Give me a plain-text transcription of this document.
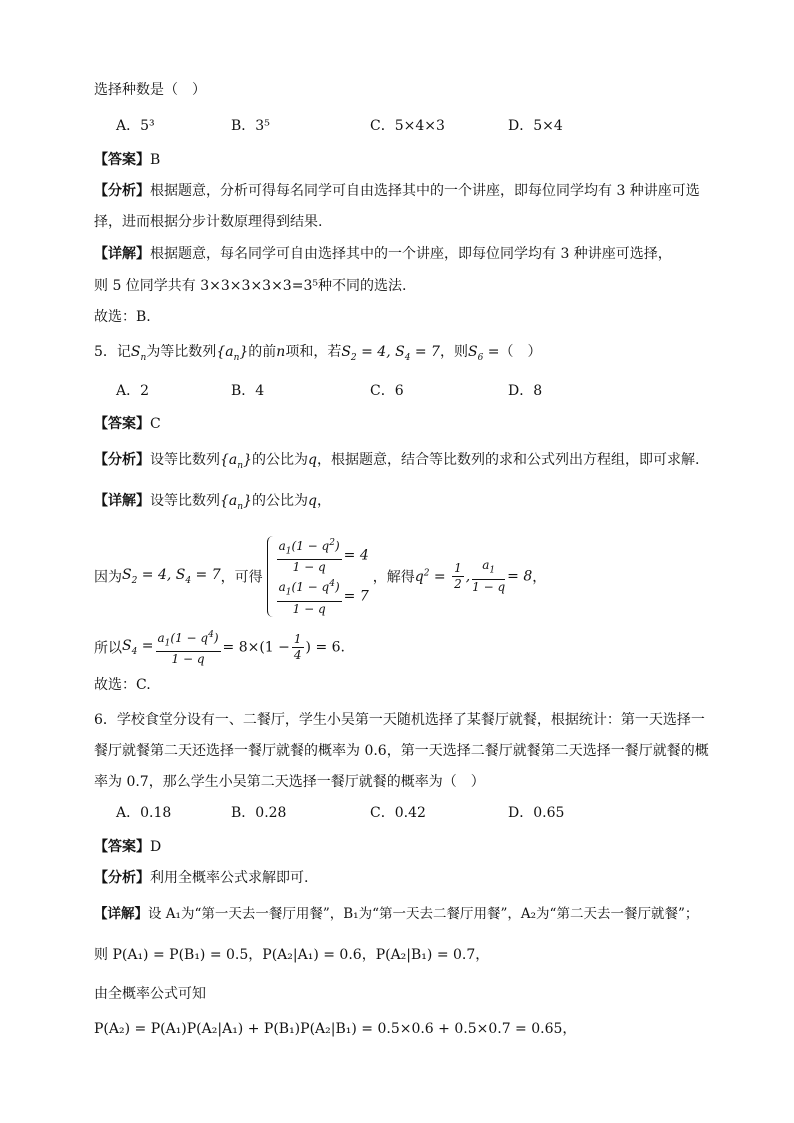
选择种数是（　）
A．5³	B．3⁵	C．5×4×3	D．5×4
【答案】B
【分析】根据题意，分析可得每名同学可自由选择其中的一个讲座，即每位同学均有 3 种讲座可选
择，进而根据分步计数原理得到结果.
【详解】根据题意，每名同学可自由选择其中的一个讲座，即每位同学均有 3 种讲座可选择，
则 5 位同学共有 3×3×3×3×3=3⁵种不同的选法.
故选：B.
5．记$S_n$为等比数列$\{a_n\}$的前n项和，若$S_2 = 4$, $S_4 = 7$，则$S_6$ =（　）
A．2	B．4	C．6	D．8
【答案】C
【分析】设等比数列$\{a_n\}$的公比为q，根据题意，结合等比数列的求和公式列出方程组，即可求解.
【详解】设等比数列$\{a_n\}$的公比为q，
因为$S_2 = 4$, $S_4 = 7$，可得
$\frac{a_1(1 - q^2)}{1 - q} = 4$
$\frac{a_1(1 - q^4)}{1 - q} = 7$
，解得$q^2 = \frac{1}{2}$ , $\frac{a_1}{1 - q} = 8$，
所以$S_4 = \frac{a_1(1 - q^4)}{1 - q} = 8\times(1 - \frac{1}{4}$ ) = 6.
故选：C.
6．学校食堂分设有一、二餐厅，学生小吴第一天随机选择了某餐厅就餐，根据统计：第一天选择一
餐厅就餐第二天还选择一餐厅就餐的概率为 0.6，第一天选择二餐厅就餐第二天选择一餐厅就餐的概
率为 0.7，那么学生小吴第二天选择一餐厅就餐的概率为（　）
A．0.18	B．0.28	C．0.42	D．0.65
【答案】D
【分析】利用全概率公式求解即可.
【详解】设 A₁为“第一天去一餐厅用餐”，B₁为“第一天去二餐厅用餐”，A₂为“第二天去一餐厅就餐”；
则 P(A₁) = P(B₁) = 0.5，P(A₂|A₁) = 0.6，P(A₂|B₁) = 0.7，
由全概率公式可知
P(A₂) = P(A₁)P(A₂|A₁) + P(B₁)P(A₂|B₁) = 0.5×0.6 + 0.5×0.7 = 0.65，
